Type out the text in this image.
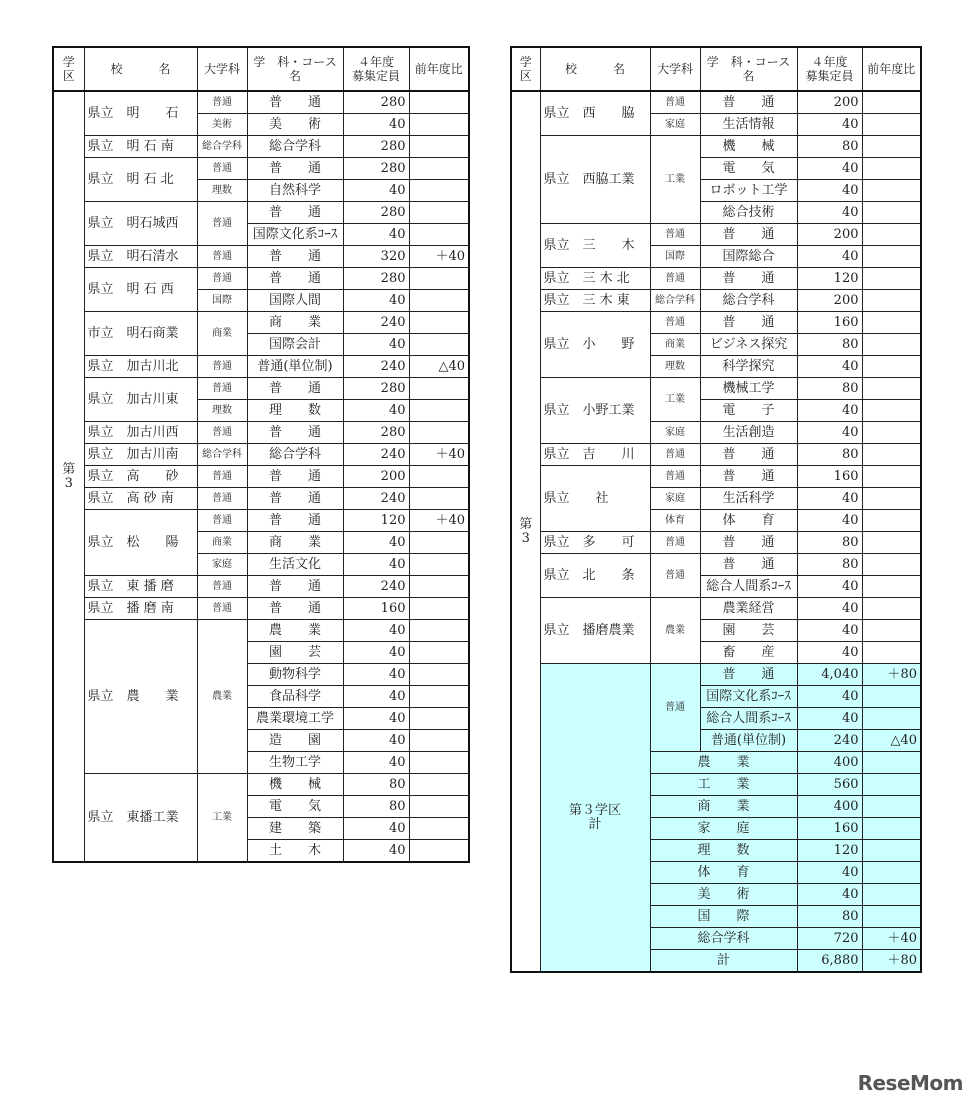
学区	校　　　名	大学科	学　科・コース名	４年度
募集定員	前年度比
第
3	県立　明　　石	普通	普　　通	280	
		美術	美　　術	40	
	県立　明 石 南	総合学科	総合学科	280	
	県立　明 石 北	普通	普　　通	280	
		理数	自然科学	40	
	県立　明石城西	普通	普　　通	280	
			国際文化系ｺｰｽ	40	
	県立　明石清水	普通	普　　通	320	＋40
	県立　明 石 西	普通	普　　通	280	
		国際	国際人間	40	
	市立　明石商業	商業	商　　業	240	
			国際会計	40	
	県立　加古川北	普通	普通(単位制)	240	△40
	県立　加古川東	普通	普　　通	280	
		理数	理　　数	40	
	県立　加古川西	普通	普　　通	280	
	県立　加古川南	総合学科	総合学科	240	＋40
	県立　高　　砂	普通	普　　通	200	
	県立　高 砂 南	普通	普　　通	240	
	県立　松　　陽	普通	普　　通	120	＋40
		商業	商　　業	40	
		家庭	生活文化	40	
	県立　東 播 磨	普通	普　　通	240	
	県立　播 磨 南	普通	普　　通	160	
	県立　農　　業	農業	農　　業	40	
			園　　芸	40	
			動物科学	40	
			食品科学	40	
			農業環境工学	40	
			造　　園	40	
			生物工学	40	
	県立　東播工業	工業	機　　械	80	
			電　　気	80	
			建　　築	40	
			土　　木	40	
学区	校　　　名	大学科	学　科・コース名	４年度
募集定員	前年度比
第
3	県立　西　　脇	普通	普　　通	200	
		家庭	生活情報	40	
	県立　西脇工業	工業	機　　械	80	
			電　　気	40	
			ロボット工学	40	
			総合技術	40	
	県立　三　　木	普通	普　　通	200	
		国際	国際総合	40	
	県立　三 木 北	普通	普　　通	120	
	県立　三 木 東	総合学科	総合学科	200	
	県立　小　　野	普通	普　　通	160	
		商業	ビジネス探究	80	
		理数	科学探究	40	
	県立　小野工業	工業	機械工学	80	
			電　　子	40	
		家庭	生活創造	40	
	県立　吉　　川	普通	普　　通	80	
	県立　　社	普通	普　　通	160	
		家庭	生活科学	40	
		体育	体　　育	40	
	県立　多　　可	普通	普　　通	80	
	県立　北　　条	普通	普　　通	80	
			総合人間系ｺｰｽ	40	
	県立　播磨農業	農業	農業経営	40	
			園　　芸	40	
			畜　　産	40	
	第３学区
計	普通	普　　通	4,040	＋80
			国際文化系ｺｰｽ	40	
			総合人間系ｺｰｽ	40	
			普通(単位制)	240	△40
		農　　業		400	
		工　　業		560	
		商　　業		400	
		家　　庭		160	
		理　　数		120	
		体　　育		40	
		美　　術		40	
		国　　際		80	
		総合学科		720	＋40
		計		6,880	＋80
ReseMom
